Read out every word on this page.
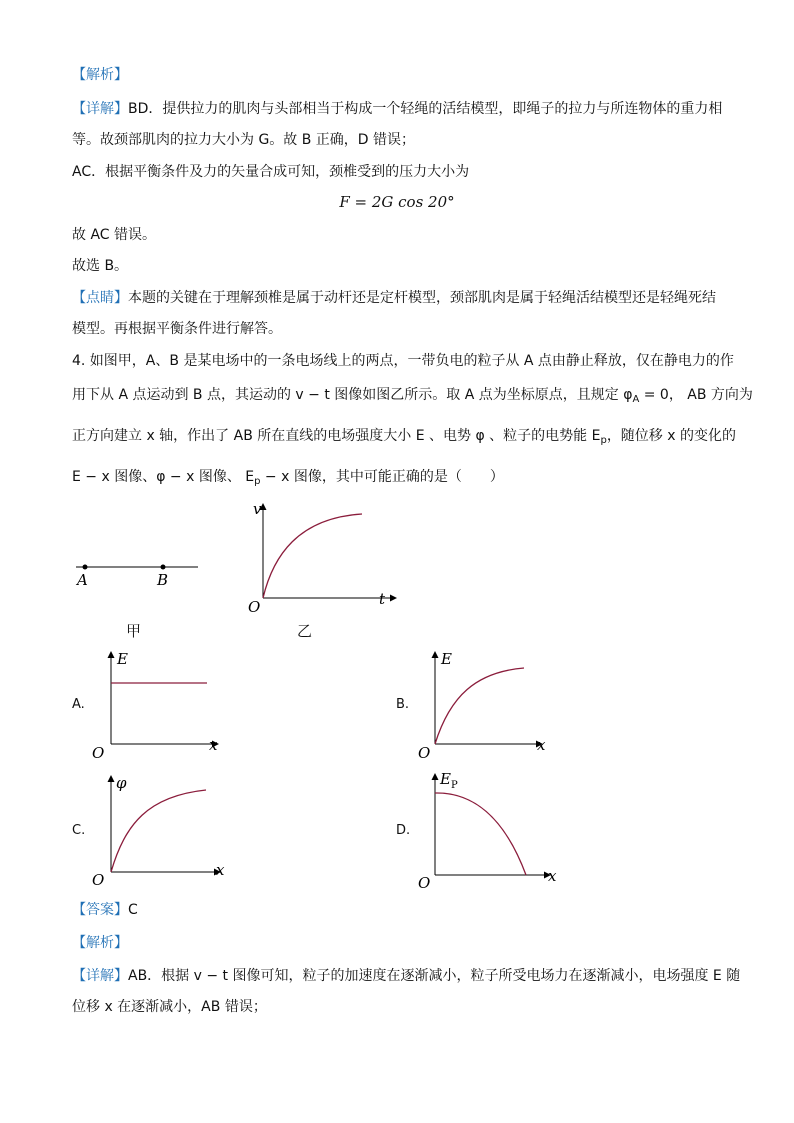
【解析】
【详解】BD．提供拉力的肌肉与头部相当于构成一个轻绳的活结模型，即绳子的拉力与所连物体的重力相
等。故颈部肌肉的拉力大小为 G。故 B 正确，D 错误；
AC．根据平衡条件及力的矢量合成可知，颈椎受到的压力大小为
F = 2G cos 20°
故 AC 错误。
故选 B。
【点睛】本题的关键在于理解颈椎是属于动杆还是定杆模型，颈部肌肉是属于轻绳活结模型还是轻绳死结
模型。再根据平衡条件进行解答。
4. 如图甲，A、B 是某电场中的一条电场线上的两点，一带负电的粒子从 A 点由静止释放，仅在静电力的作
用下从 A 点运动到 B 点，其运动的 v − t 图像如图乙所示。取 A 点为坐标原点，且规定 $\varphi_A = 0$， AB 方向为
正方向建立 x 轴，作出了 AB 所在直线的电场强度大小 E 、电势 φ 、粒子的电势能 $E_p$，随位移 x 的变化的
E − x 图像、φ − x 图像、 $E_p - x$ 图像，其中可能正确的是（　　）
A	B
甲
v
t
O
乙
A.
E
x
O
B.
E
x
O
C.
φ
x
O
D.
$E_P$
x
O
【答案】C
【解析】
【详解】AB．根据 v − t 图像可知，粒子的加速度在逐渐减小，粒子所受电场力在逐渐减小，电场强度 E 随
位移 x 在逐渐减小，AB 错误；
